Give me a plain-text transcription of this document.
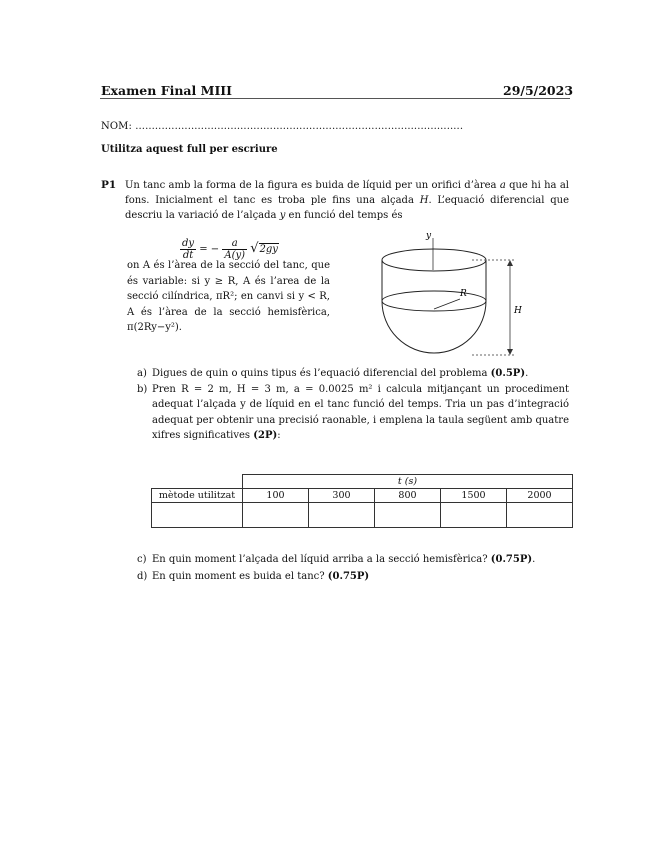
Examen Final MIII	29/5/2023
NOM: ....................................................................................................
Utilitza aquest full per escriure
P1 Un tanc amb la forma de la figura es buida de líquid per un orifici d’àrea a que hi ha al fons. Inicialment el tanc es troba ple fins una alçada H. L’equació diferencial que descriu la variació de l’alçada y en funció del temps és
$\frac{dy}{dt}$ = − $\frac{a}{A(y)} √2gy$
on A és l’àrea de la secció del tanc, que és variable: si y ≥ R, A és l’area de la secció cilíndrica, πR²; en canvi si y < R, A és l’àrea de la secció hemisfèrica, π(2Ry−y²).
y
R
H
a) Digues de quin o quins tipus és l’equació diferencial del problema (0.5P).
b) Pren R = 2 m, H = 3 m, a = 0.0025 m² i calcula mitjançant un procediment adequat l’alçada y de líquid en el tanc funció del temps. Tria un pas d’integració adequat per obtenir una precisió raonable, i emplena la taula següent amb quatre xifres significatives (2P):
	t (s)				
mètode utilitzat	100	300	800	1500	2000

c) En quin moment l’alçada del líquid arriba a la secció hemisfèrica? (0.75P).
d) En quin moment es buida el tanc? (0.75P)
